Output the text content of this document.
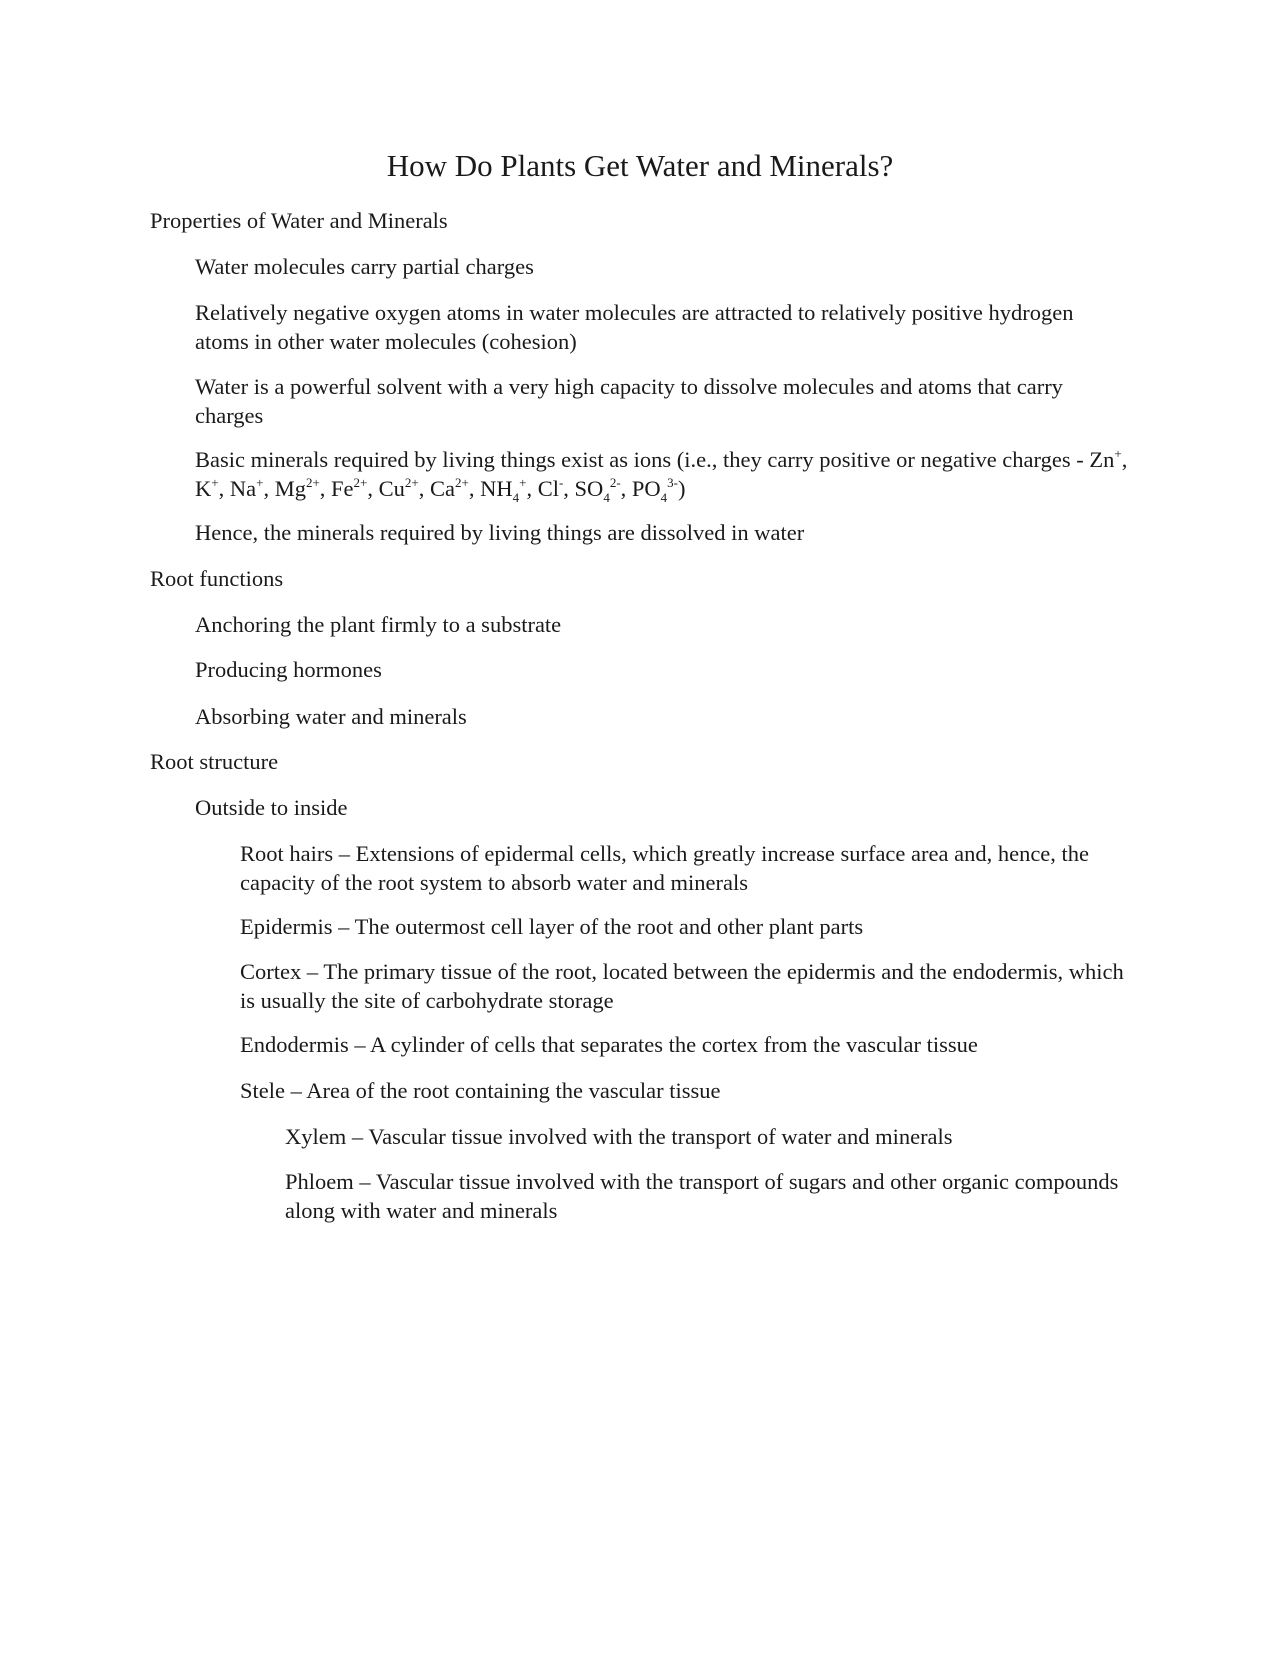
How Do Plants Get Water and Minerals?

Properties of Water and Minerals

Water molecules carry partial charges

Relatively negative oxygen atoms in water molecules are attracted to relatively positive hydrogen atoms in other water molecules (cohesion)

Water is a powerful solvent with a very high capacity to dissolve molecules and atoms that carry charges

Basic minerals required by living things exist as ions (i.e., they carry positive or negative charges - Zn+, K+, Na+, $Mg^{2+}$, $Fe^{2+}$, $Cu^{2+}$, $Ca^{2+}$, $NH_4^+$, Cl-, $SO_4^{2-}$, $PO_4^{3-}$)

Hence, the minerals required by living things are dissolved in water

Root functions

Anchoring the plant firmly to a substrate

Producing hormones

Absorbing water and minerals

Root structure

Outside to inside

Root hairs – Extensions of epidermal cells, which greatly increase surface area and, hence, the capacity of the root system to absorb water and minerals

Epidermis – The outermost cell layer of the root and other plant parts

Cortex – The primary tissue of the root, located between the epidermis and the endodermis, which is usually the site of carbohydrate storage

Endodermis – A cylinder of cells that separates the cortex from the vascular tissue

Stele – Area of the root containing the vascular tissue

Xylem – Vascular tissue involved with the transport of water and minerals

Phloem – Vascular tissue involved with the transport of sugars and other organic compounds along with water and minerals
